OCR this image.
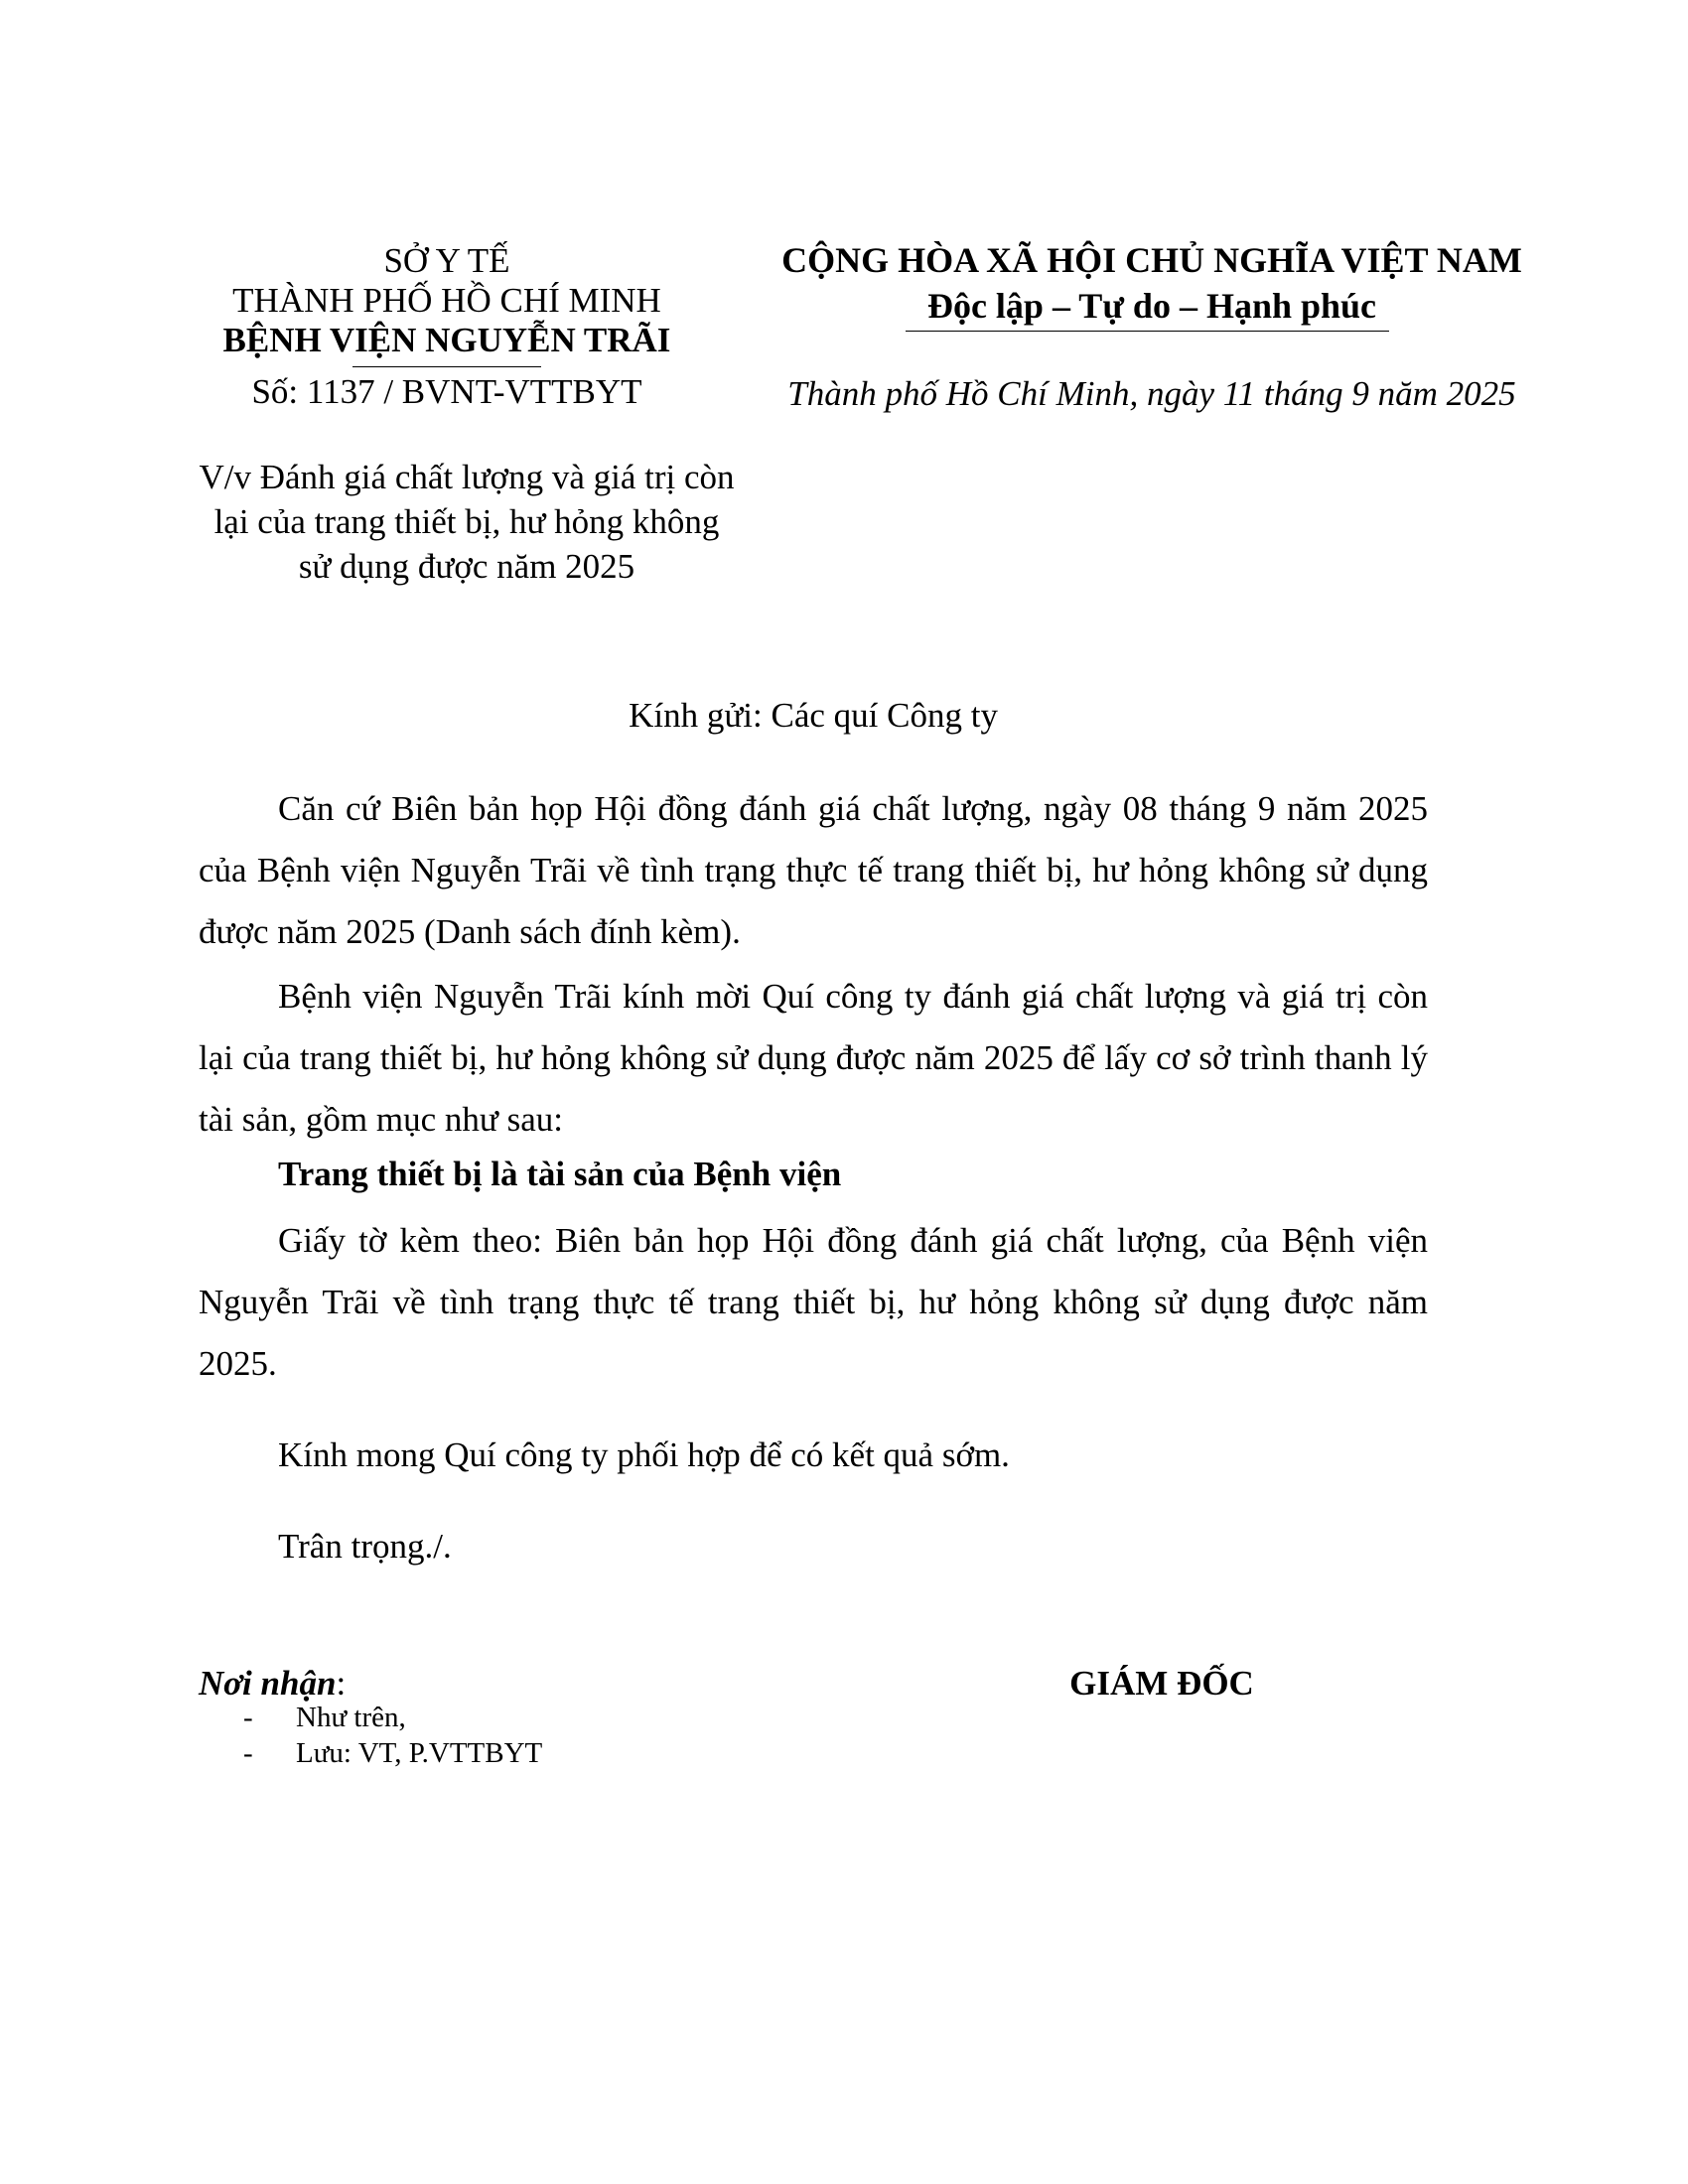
SỞ Y TẾ
THÀNH PHỐ HỒ CHÍ MINH
BỆNH VIỆN NGUYỄN TRÃI
Số: 1137 / BVNT-VTTBYT
V/v Đánh giá chất lượng và giá trị còn lại của trang thiết bị, hư hỏng không sử dụng được năm 2025
CỘNG HÒA XÃ HỘI CHỦ NGHĨA VIỆT NAM
Độc lập – Tự do – Hạnh phúc
Thành phố Hồ Chí Minh, ngày 11 tháng 9 năm 2025
Kính gửi: Các quí Công ty
Căn cứ Biên bản họp Hội đồng đánh giá chất lượng, ngày 08 tháng 9 năm 2025 của Bệnh viện Nguyễn Trãi về tình trạng thực tế trang thiết bị, hư hỏng không sử dụng được năm 2025 (Danh sách đính kèm).
Bệnh viện Nguyễn Trãi kính mời Quí công ty đánh giá chất lượng và giá trị còn lại của trang thiết bị, hư hỏng không sử dụng được năm 2025 để lấy cơ sở trình thanh lý tài sản, gồm mục như sau:
Trang thiết bị là tài sản của Bệnh viện
Giấy tờ kèm theo: Biên bản họp Hội đồng đánh giá chất lượng, của Bệnh viện Nguyễn Trãi về tình trạng thực tế trang thiết bị, hư hỏng không sử dụng được năm 2025.
Kính mong Quí công ty phối hợp để có kết quả sớm.
Trân trọng./.
Nơi nhận:
- Như trên,
- Lưu: VT, P.VTTBYT
GIÁM ĐỐC
